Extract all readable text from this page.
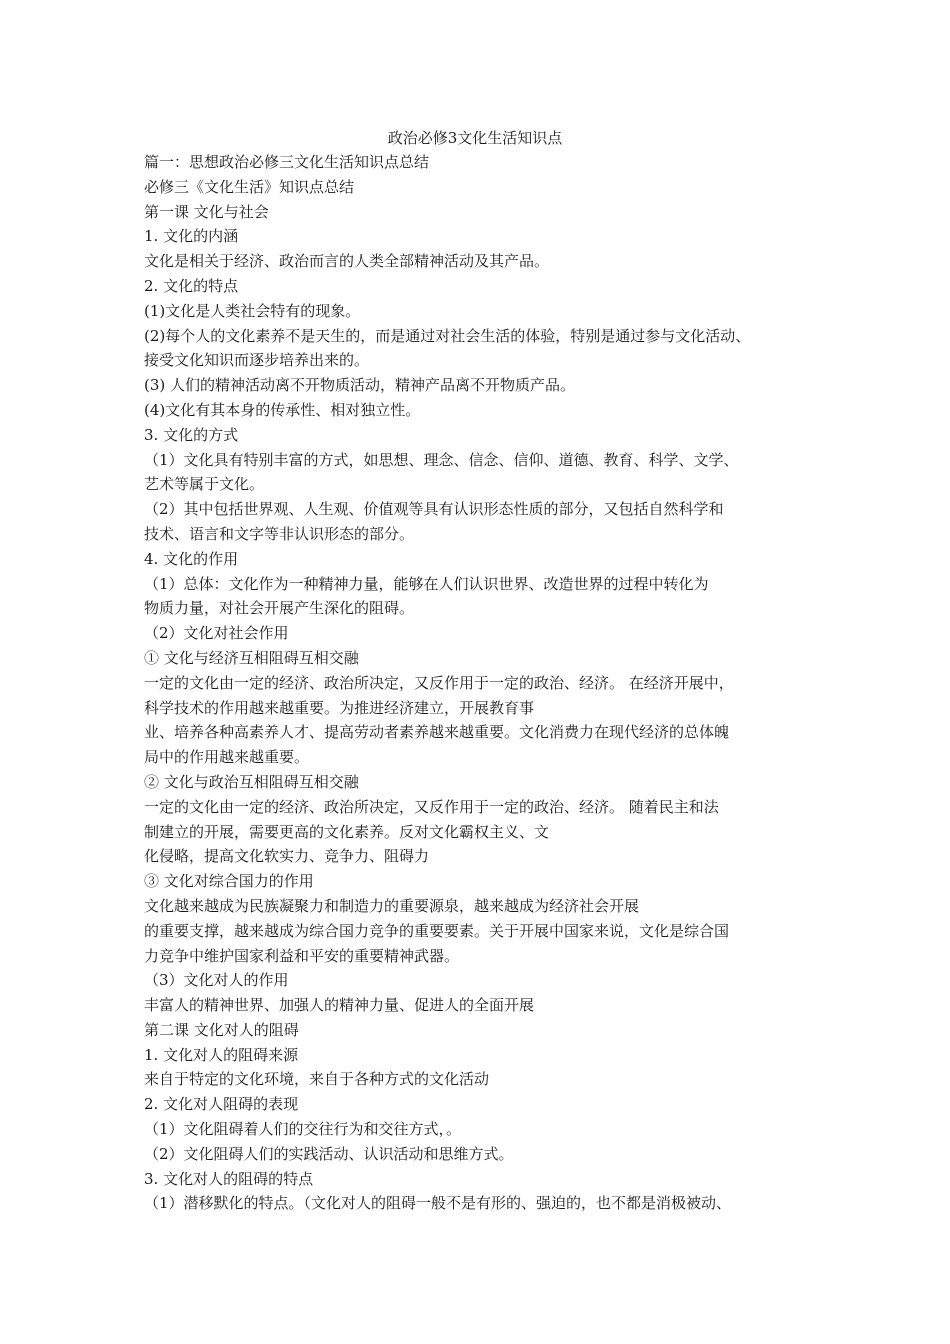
政治必修3文化生活知识点
篇一：思想政治必修三文化生活知识点总结
必修三《文化生活》知识点总结
第一课 文化与社会
1. 文化的内涵
文化是相关于经济、政治而言的人类全部精神活动及其产品。
2. 文化的特点
(1)文化是人类社会特有的现象。
(2)每个人的文化素养不是天生的，而是通过对社会生活的体验，特别是通过参与文化活动、
接受文化知识而逐步培养出来的。
(3) 人们的精神活动离不开物质活动，精神产品离不开物质产品。
(4)文化有其本身的传承性、相对独立性。
3. 文化的方式
（1）文化具有特别丰富的方式，如思想、理念、信念、信仰、道德、教育、科学、文学、
艺术等属于文化。
（2）其中包括世界观、人生观、价值观等具有认识形态性质的部分，又包括自然科学和
技术、语言和文字等非认识形态的部分。
4. 文化的作用
（1）总体：文化作为一种精神力量，能够在人们认识世界、改造世界的过程中转化为
物质力量，对社会开展产生深化的阻碍。
（2）文化对社会作用
① 文化与经济互相阻碍互相交融
一定的文化由一定的经济、政治所决定，又反作用于一定的政治、经济。 在经济开展中，
科学技术的作用越来越重要。为推进经济建立，开展教育事
业、培养各种高素养人才、提高劳动者素养越来越重要。文化消费力在现代经济的总体魄
局中的作用越来越重要。
② 文化与政治互相阻碍互相交融
一定的文化由一定的经济、政治所决定，又反作用于一定的政治、经济。 随着民主和法
制建立的开展，需要更高的文化素养。反对文化霸权主义、文
化侵略，提高文化软实力、竞争力、阻碍力
③ 文化对综合国力的作用
文化越来越成为民族凝聚力和制造力的重要源泉，越来越成为经济社会开展
的重要支撑，越来越成为综合国力竞争的重要要素。关于开展中国家来说，文化是综合国
力竞争中维护国家利益和平安的重要精神武器。
（3）文化对人的作用
丰富人的精神世界、加强人的精神力量、促进人的全面开展
第二课 文化对人的阻碍
1. 文化对人的阻碍来源
来自于特定的文化环境，来自于各种方式的文化活动
2. 文化对人阻碍的表现
（1）文化阻碍着人们的交往行为和交往方式，。
（2）文化阻碍人们的实践活动、认识活动和思维方式。
3. 文化对人的阻碍的特点
（1）潜移默化的特点。（文化对人的阻碍一般不是有形的、强迫的，也不都是消极被动、
